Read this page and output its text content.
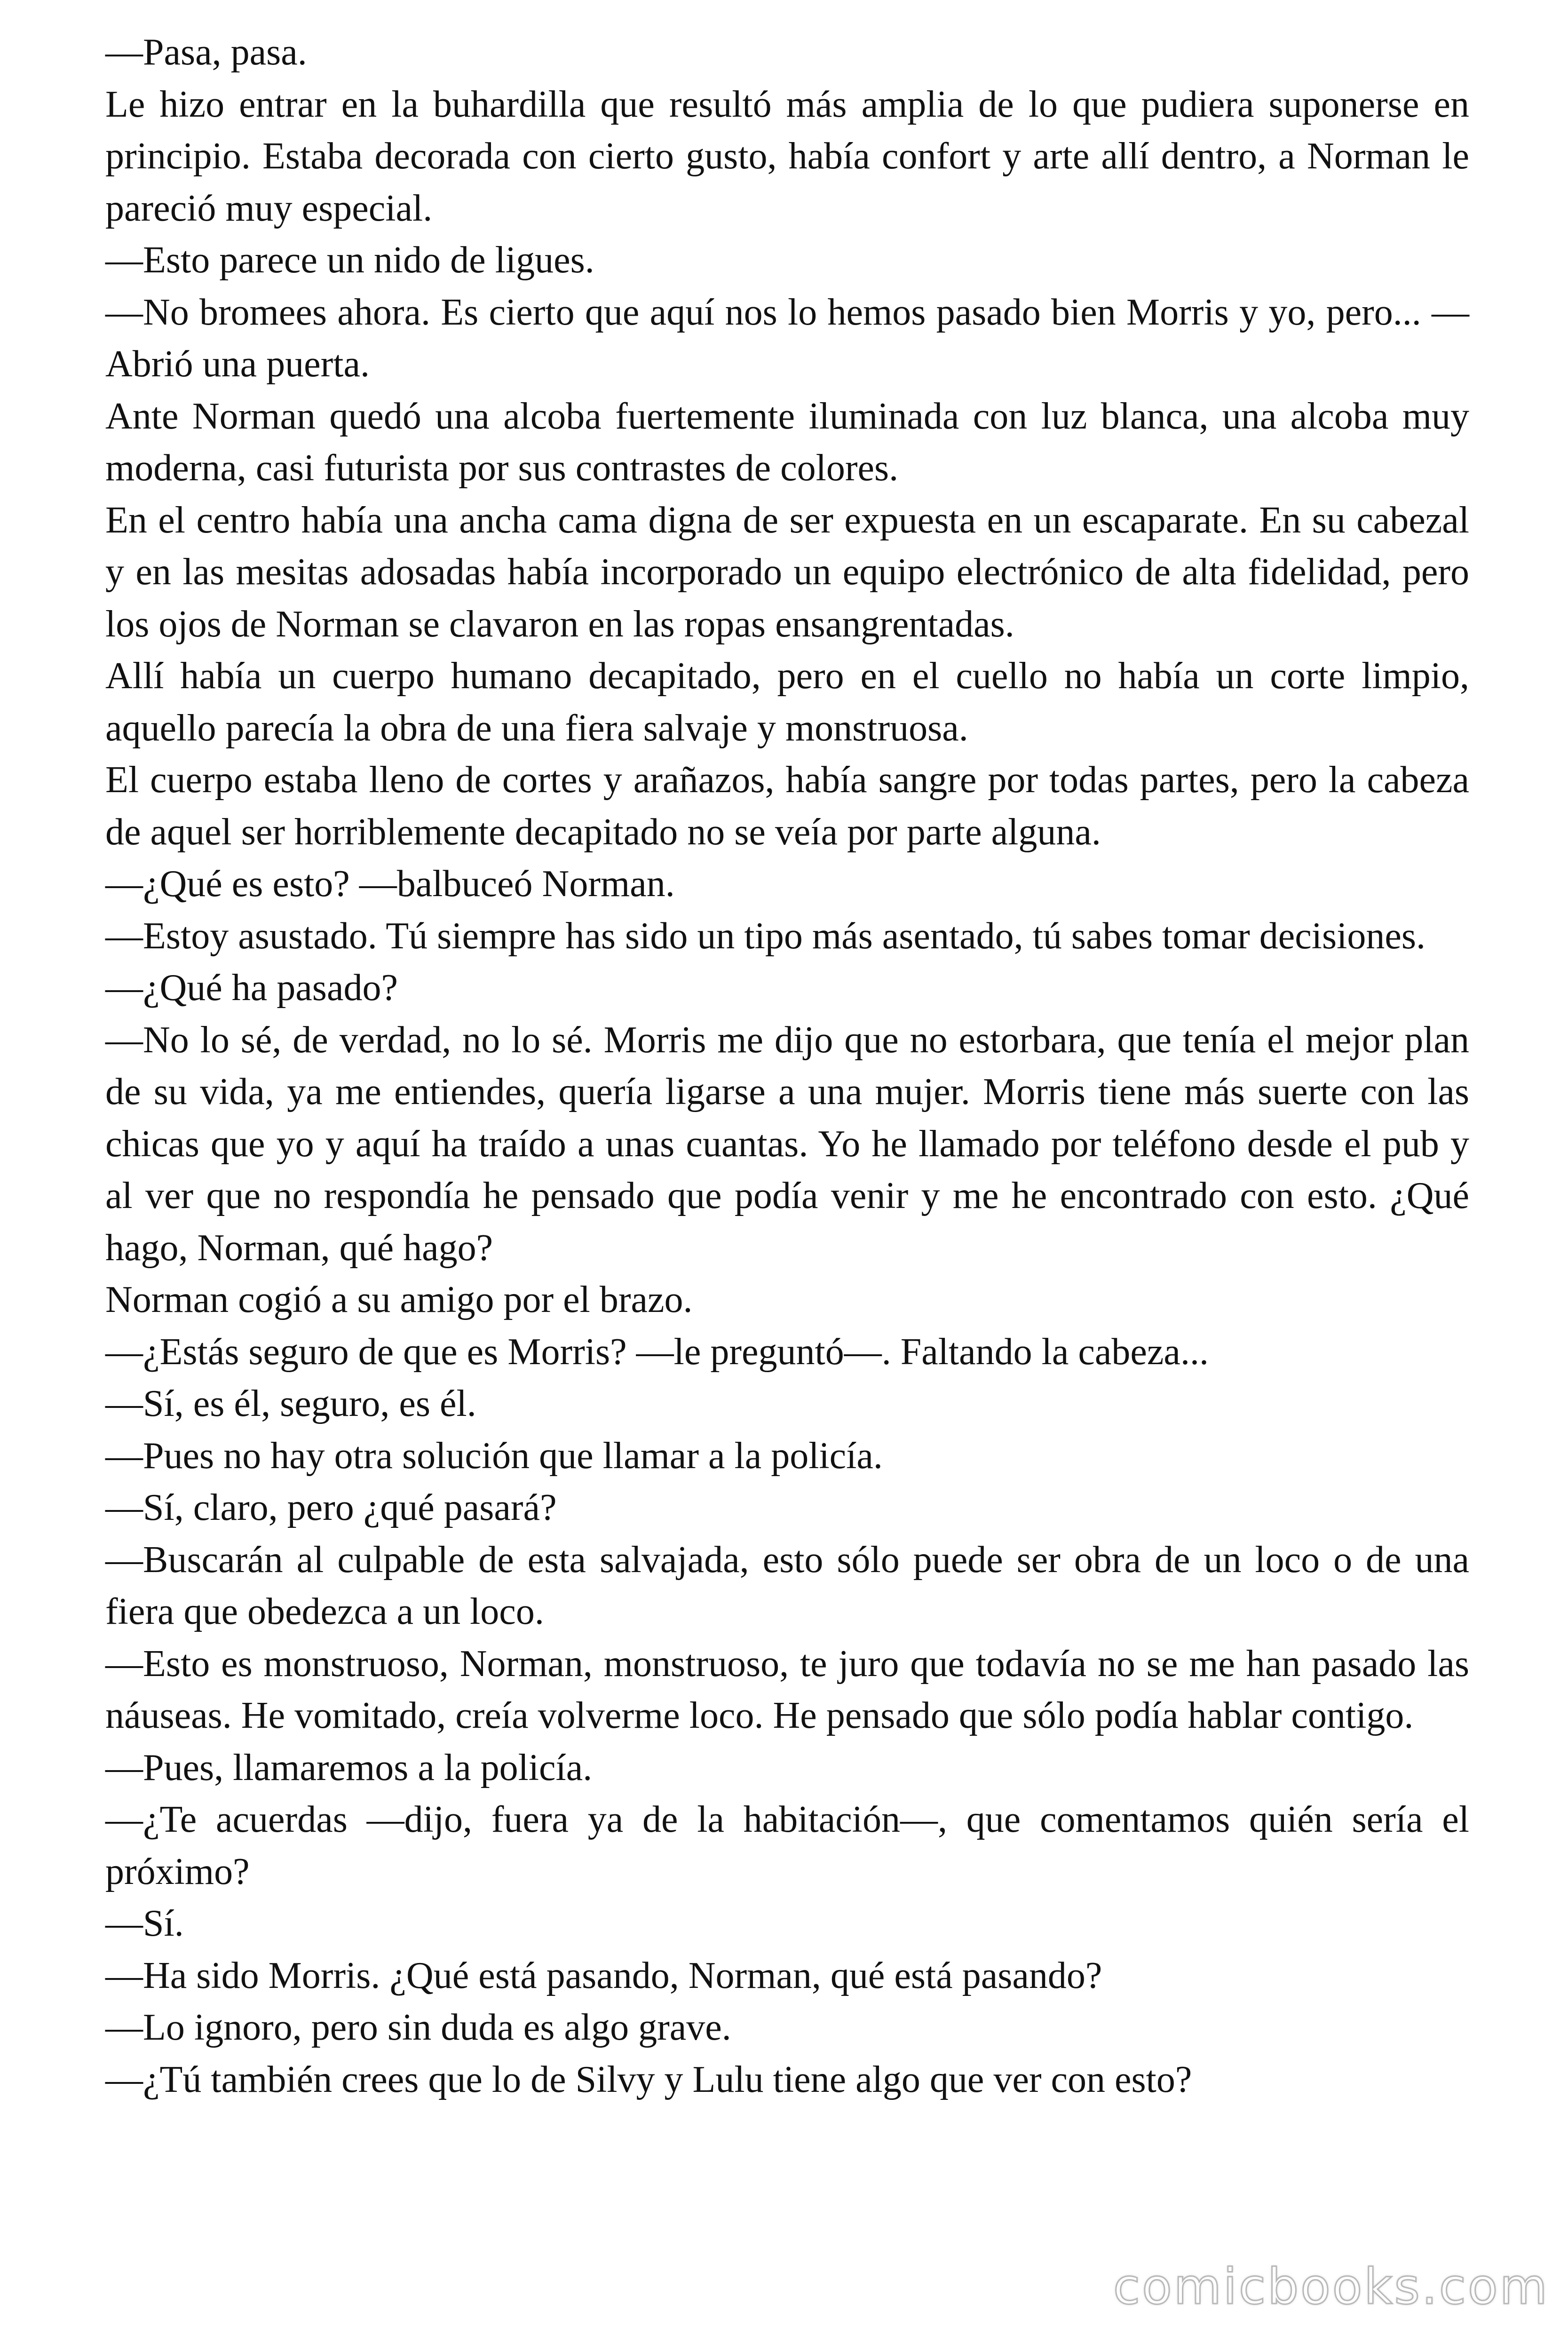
—Pasa, pasa.

Le hizo entrar en la buhardilla que resultó más amplia de lo que pudiera suponerse en principio. Estaba decorada con cierto gusto, había confort y arte allí dentro, a Norman le pareció muy especial.

—Esto parece un nido de ligues.

—No bromees ahora. Es cierto que aquí nos lo hemos pasado bien Morris y yo, pero... —Abrió una puerta.

Ante Norman quedó una alcoba fuertemente iluminada con luz blanca, una alcoba muy moderna, casi futurista por sus contrastes de colores.

En el centro había una ancha cama digna de ser expuesta en un escaparate. En su cabezal y en las mesitas adosadas había incorporado un equipo electrónico de alta fidelidad, pero los ojos de Norman se clavaron en las ropas ensangrentadas.

Allí había un cuerpo humano decapitado, pero en el cuello no había un corte limpio, aquello parecía la obra de una fiera salvaje y monstruosa.

El cuerpo estaba lleno de cortes y arañazos, había sangre por todas partes, pero la cabeza de aquel ser horriblemente decapitado no se veía por parte alguna.

—¿Qué es esto? —balbuceó Norman.

—Estoy asustado. Tú siempre has sido un tipo más asentado, tú sabes tomar decisiones.

—¿Qué ha pasado?

—No lo sé, de verdad, no lo sé. Morris me dijo que no estorbara, que tenía el mejor plan de su vida, ya me entiendes, quería ligarse a una mujer. Morris tiene más suerte con las chicas que yo y aquí ha traído a unas cuantas. Yo he llamado por teléfono desde el pub y al ver que no respondía he pensado que podía venir y me he encontrado con esto. ¿Qué hago, Norman, qué hago?

Norman cogió a su amigo por el brazo.

—¿Estás seguro de que es Morris? —le preguntó—. Faltando la cabeza...

—Sí, es él, seguro, es él.

—Pues no hay otra solución que llamar a la policía.

—Sí, claro, pero ¿qué pasará?

—Buscarán al culpable de esta salvajada, esto sólo puede ser obra de un loco o de una fiera que obedezca a un loco.

—Esto es monstruoso, Norman, monstruoso, te juro que todavía no se me han pasado las náuseas. He vomitado, creía volverme loco. He pensado que sólo podía hablar contigo.

—Pues, llamaremos a la policía.

—¿Te acuerdas —dijo, fuera ya de la habitación—, que comentamos quién sería el próximo?

—Sí.

—Ha sido Morris. ¿Qué está pasando, Norman, qué está pasando?

—Lo ignoro, pero sin duda es algo grave.

—¿Tú también crees que lo de Silvy y Lulu tiene algo que ver con esto?

comicbooks.com
